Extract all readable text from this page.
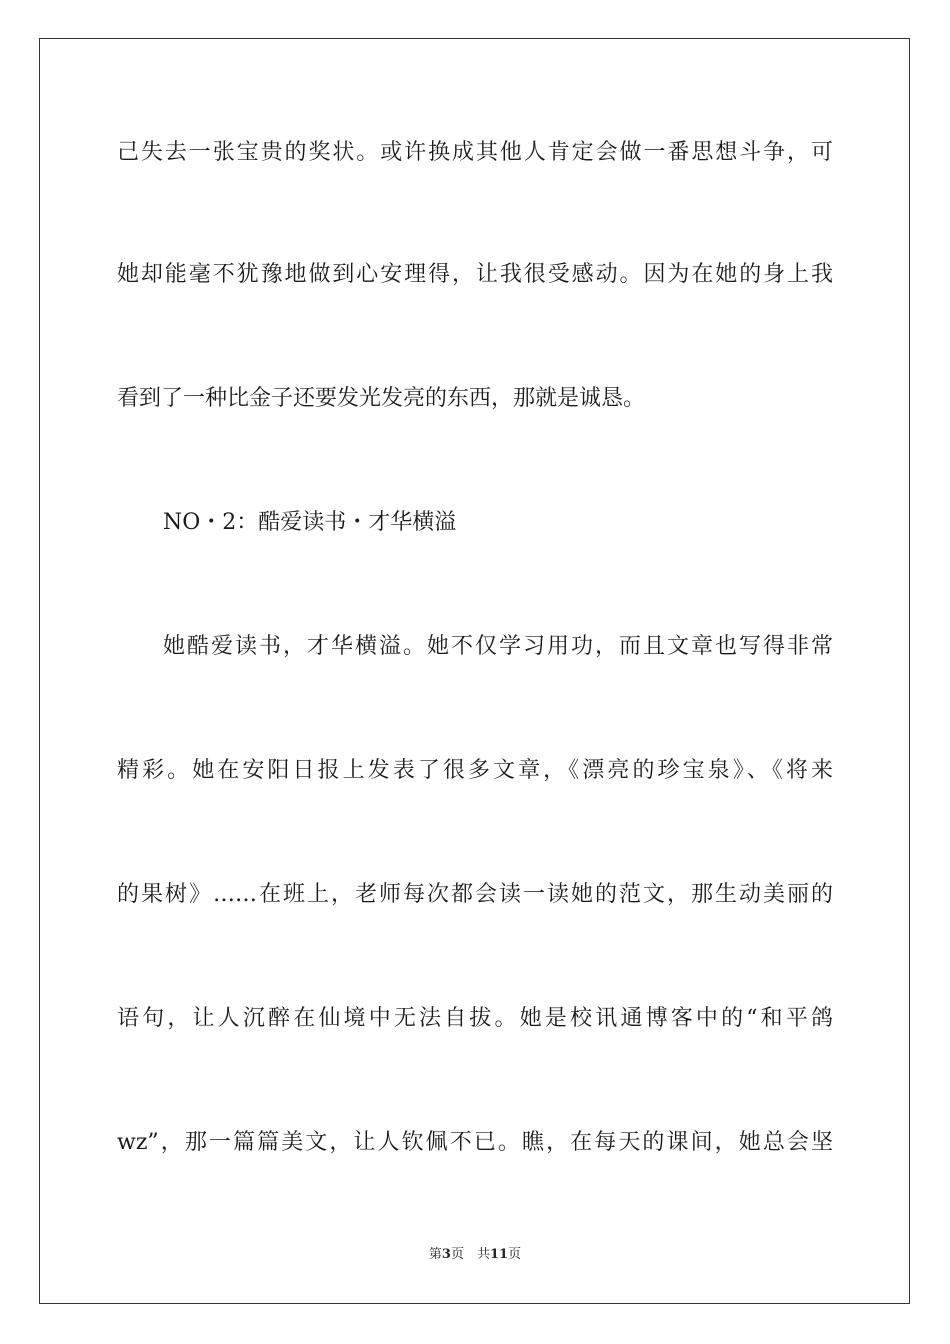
己失去一张宝贵的奖状。或许换成其他人肯定会做一番思想斗争，可
她却能毫不犹豫地做到心安理得，让我很受感动。因为在她的身上我
看到了一种比金子还要发光发亮的东西，那就是诚恳。
NO・2：酷爱读书・才华横溢
她酷爱读书，才华横溢。她不仅学习用功，而且文章也写得非常
精彩。她在安阳日报上发表了很多文章，《漂亮的珍宝泉》、《将来
的果树》……在班上，老师每次都会读一读她的范文，那生动美丽的
语句，让人沉醉在仙境中无法自拔。她是校讯通博客中的“和平鸽
wz”，那一篇篇美文，让人钦佩不已。瞧，在每天的课间，她总会坚
第3页　共11页
